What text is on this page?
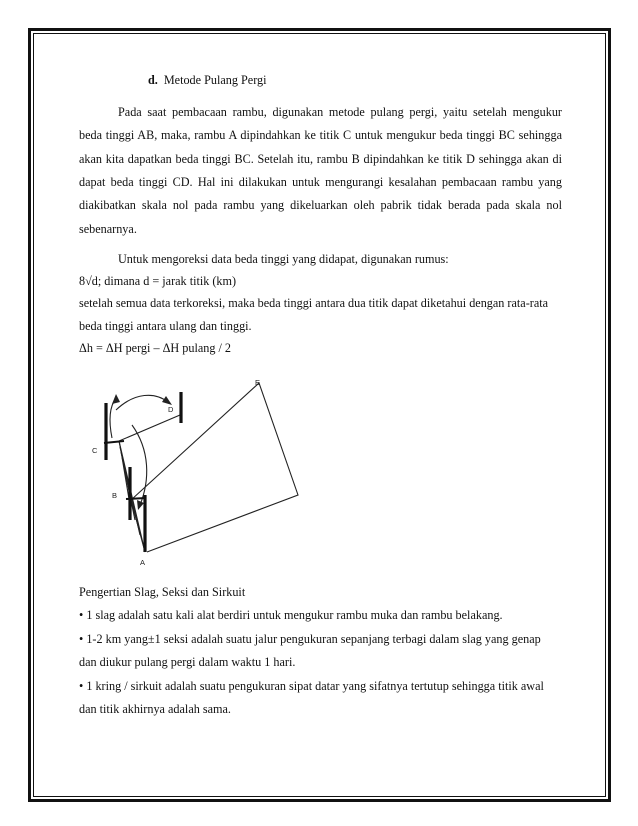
d. Metode Pulang Pergi
Pada saat pembacaan rambu, digunakan metode pulang pergi, yaitu setelah mengukur
beda tinggi AB, maka, rambu A dipindahkan ke titik C untuk mengukur beda tinggi BC sehingga
akan kita dapatkan beda tinggi BC. Setelah itu, rambu B dipindahkan ke titik D sehingga akan di
dapat beda tinggi CD. Hal ini dilakukan untuk mengurangi kesalahan pembacaan rambu yang
diakibatkan skala nol pada rambu yang dikeluarkan oleh pabrik tidak berada pada skala nol
sebenarnya.
Untuk mengoreksi data beda tinggi yang didapat, digunakan rumus:
8√d; dimana d = jarak titik (km)
setelah semua data terkoreksi, maka beda tinggi antara dua titik dapat diketahui dengan rata-rata
beda tinggi antara ulang dan tinggi.
Δh = ΔH pergi – ΔH pulang / 2
C
D
B
A
E
Pengertian Slag, Seksi dan Sirkuit
• 1 slag adalah satu kali alat berdiri untuk mengukur rambu muka dan rambu belakang.
• 1-2 km yang±1 seksi adalah suatu jalur pengukuran sepanjang terbagi dalam slag yang genap
dan diukur pulang pergi dalam waktu 1 hari.
• 1 kring / sirkuit adalah suatu pengukuran sipat datar yang sifatnya tertutup sehingga titik awal
dan titik akhirnya adalah sama.
